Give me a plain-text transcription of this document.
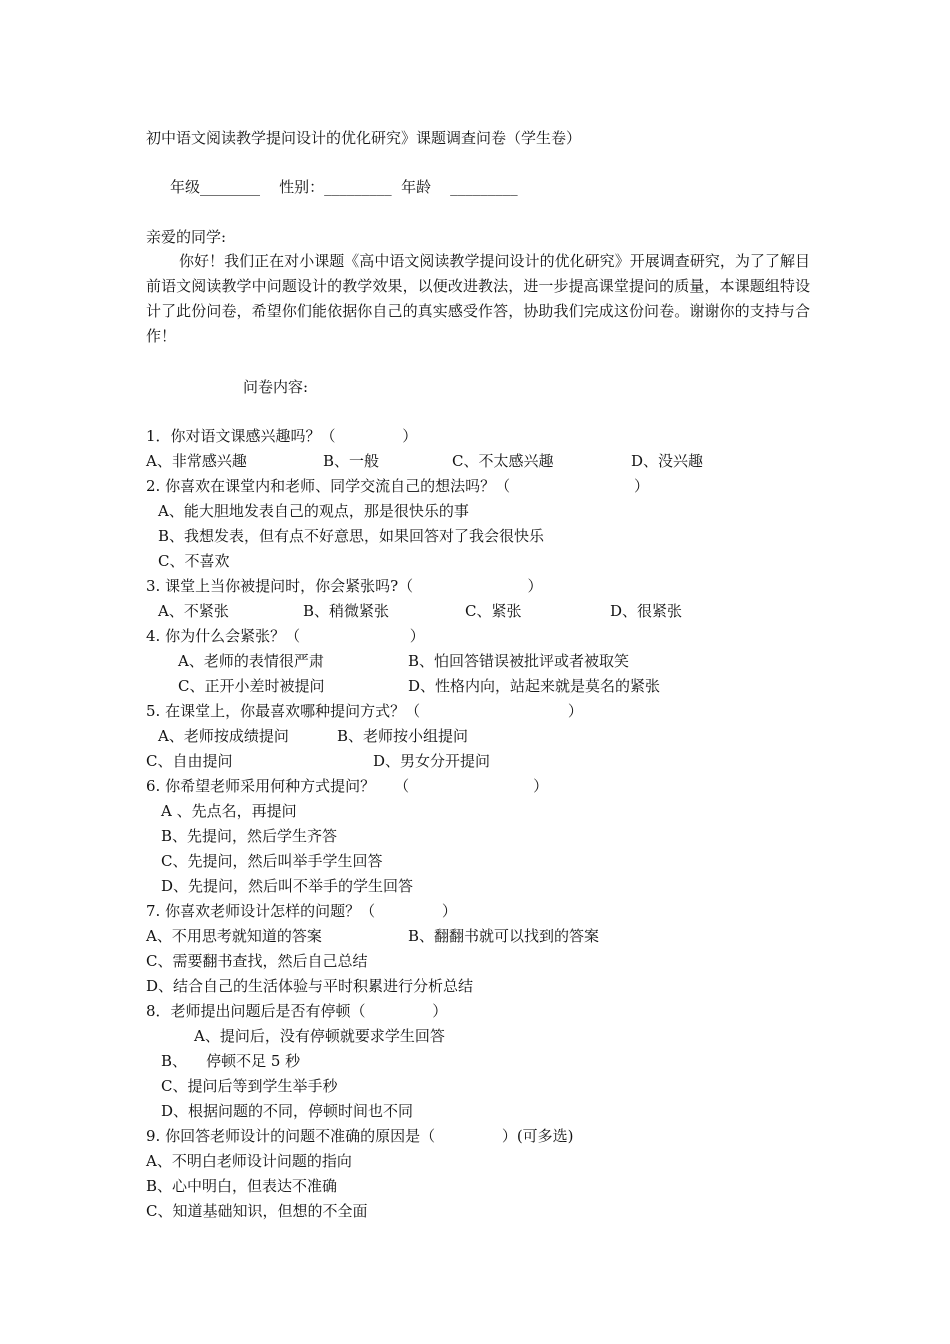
初中语文阅读教学提问设计的优化研究》课题调查问卷（学生卷）
年级________    性别：_________  年龄    _________
亲爱的同学:
你好！我们正在对小课题《高中语文阅读教学提问设计的优化研究》开展调查研究，为了了解目前语文阅读教学中问题设计的教学效果，以便改进教法，进一步提高课堂提问的质量，本课题组特设计了此份问卷，希望你们能依据你自己的真实感受作答，协助我们完成这份问卷。谢谢你的支持与合作！
问卷内容:
1．你对语文课感兴趣吗？（              ）
A、非常感兴趣	B、一般	C、不太感兴趣	D、没兴趣
2. 你喜欢在课堂内和老师、同学交流自己的想法吗？（                          ）
A、能大胆地发表自己的观点，那是很快乐的事
B、我想发表，但有点不好意思，如果回答对了我会很快乐
C、不喜欢
3. 课堂上当你被提问时，你会紧张吗?（                        ）
A、不紧张	B、稍微紧张	C、紧张	D、很紧张
4. 你为什么会紧张？（                       ）
A、老师的表情很严肃	B、怕回答错误被批评或者被取笑
C、正开小差时被提问	D、性格内向，站起来就是莫名的紧张
5. 在课堂上，你最喜欢哪种提问方式？（                               ）
A、老师按成绩提问	B、老师按小组提问
C、自由提问	D、男女分开提问
6. 你希望老师采用何种方式提问？    （                          ）
A 、先点名，再提问
B、先提问，然后学生齐答
C、先提问，然后叫举手学生回答
D、先提问，然后叫不举手的学生回答
7. 你喜欢老师设计怎样的问题？（              ）
A、不用思考就知道的答案	B、翻翻书就可以找到的答案
C、需要翻书查找，然后自己总结
D、结合自己的生活体验与平时积累进行分析总结
8．老师提出问题后是否有停顿（              ）
A、提问后，没有停顿就要求学生回答
B、    停顿不足 5 秒
C、提问后等到学生举手秒
D、根据问题的不同，停顿时间也不同
9. 你回答老师设计的问题不准确的原因是（              ）(可多选)
A、不明白老师设计问题的指向
B、心中明白，但表达不准确
C、知道基础知识，但想的不全面
